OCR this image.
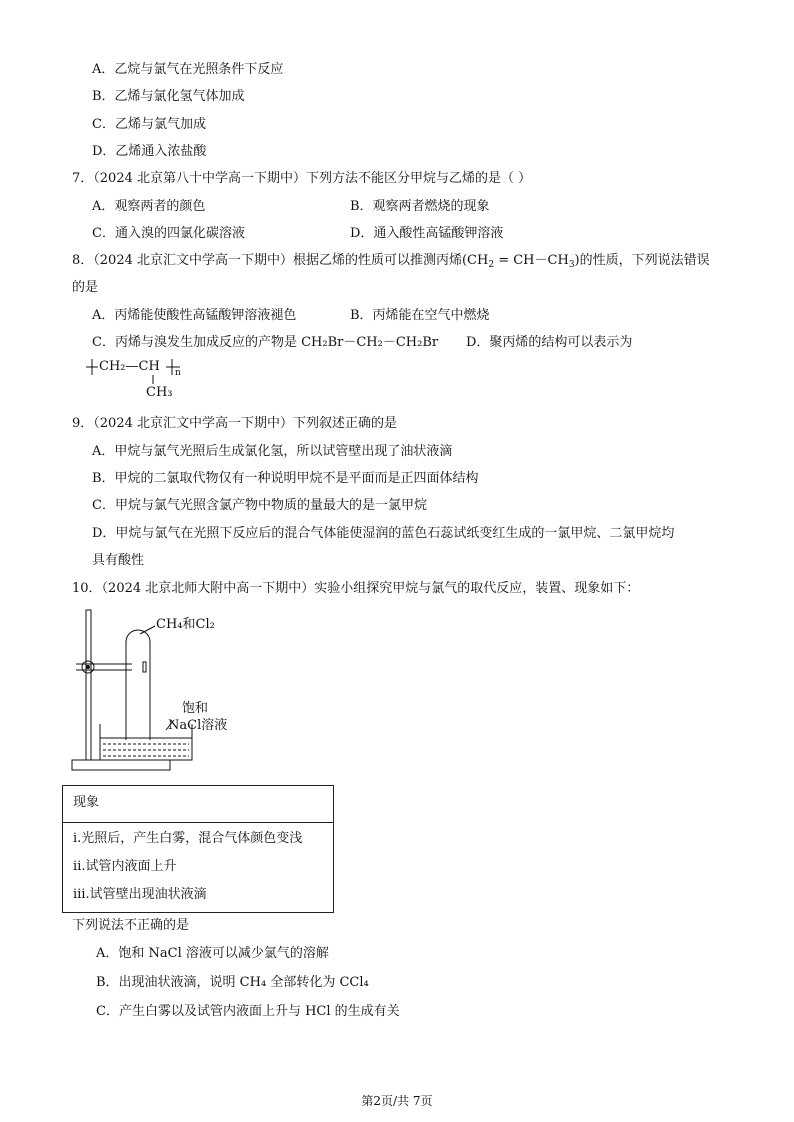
A．乙烷与氯气在光照条件下反应
B．乙烯与氯化氢气体加成
C．乙烯与氯气加成
D．乙烯通入浓盐酸
7．（2024 北京第八十中学高一下期中）下列方法不能区分甲烷与乙烯的是（ ）
A．观察两者的颜色	B．观察两者燃烧的现象
C．通入溴的四氯化碳溶液	D．通入酸性高锰酸钾溶液
8．（2024 北京汇文中学高一下期中）根据乙烯的性质可以推测丙烯$(CH_2 = CH-CH_3)$的性质，下列说法错误
的是
A．丙烯能使酸性高锰酸钾溶液褪色	B．丙烯能在空气中燃烧
C．丙烯与溴发生加成反应的产物是 CH₂Br－CH₂－CH₂Br D．聚丙烯的结构可以表示为
CH₂—CH n
CH₃
9．（2024 北京汇文中学高一下期中）下列叙述正确的是
A．甲烷与氯气光照后生成氯化氢，所以试管壁出现了油状液滴
B．甲烷的二氯取代物仅有一种说明甲烷不是平面而是正四面体结构
C．甲烷与氯气光照含氯产物中物质的量最大的是一氯甲烷
D．甲烷与氯气在光照下反应后的混合气体能使湿润的蓝色石蕊试纸变红生成的一氯甲烷、二氯甲烷均
具有酸性
10．（2024 北京北师大附中高一下期中）实验小组探究甲烷与氯气的取代反应，装置、现象如下：
CH₄和Cl₂
饱和
NaCl溶液
现象
ⅰ.光照后，产生白雾，混合气体颜色变浅
ⅱ.试管内液面上升
ⅲ.试管壁出现油状液滴
下列说法不正确的是
A．饱和 NaCl 溶液可以减少氯气的溶解
B．出现油状液滴，说明 CH₄ 全部转化为 CCl₄
C．产生白雾以及试管内液面上升与 HCl 的生成有关
第2页/共 7页
